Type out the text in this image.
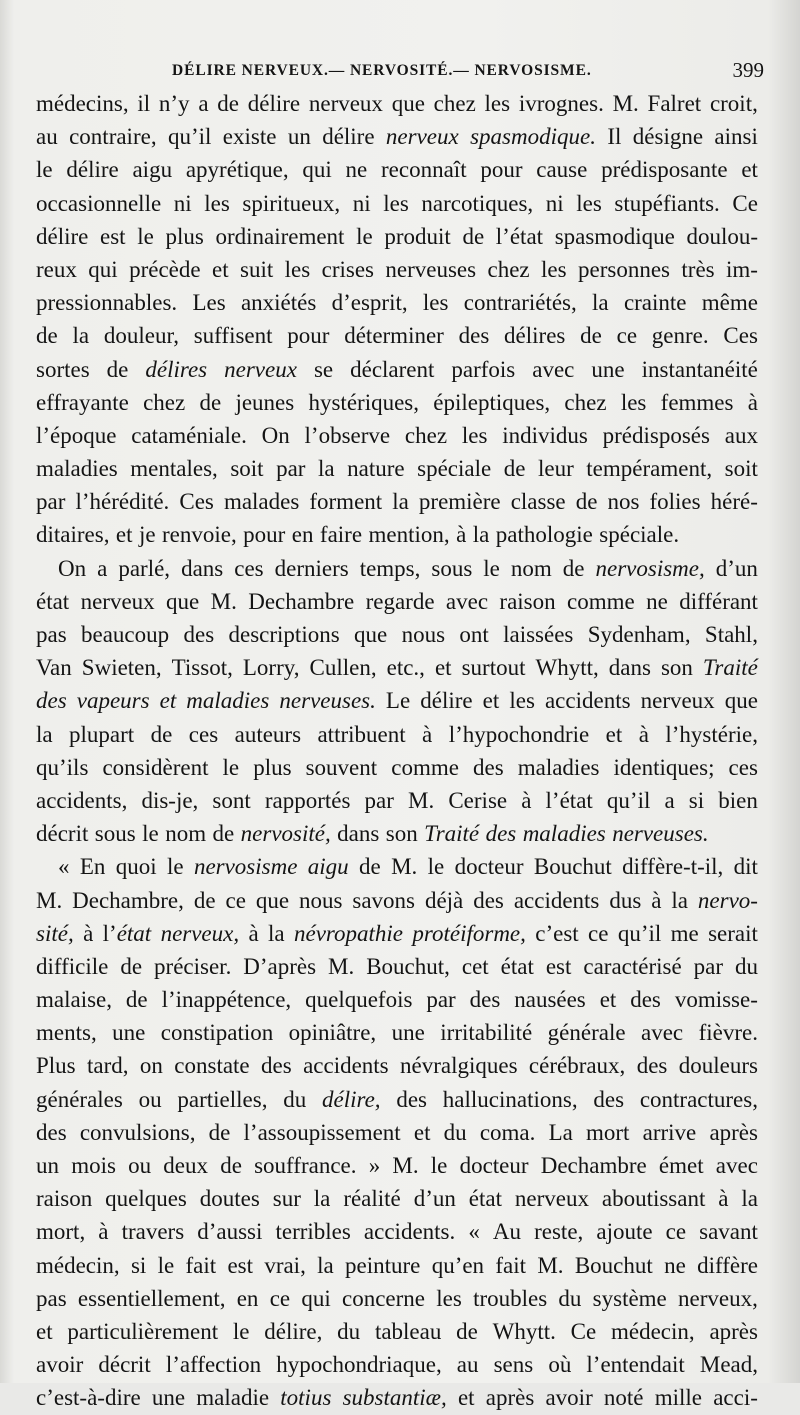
DÉLIRE NERVEUX.— NERVOSITÉ.— NERVOSISME.	399
médecins, il n’y a de délire nerveux que chez les ivrognes. M. Falret croit,
au contraire, qu’il existe un délire nerveux spasmodique. Il désigne ainsi
le délire aigu apyrétique, qui ne reconnaît pour cause prédisposante et
occasionnelle ni les spiritueux, ni les narcotiques, ni les stupéfiants. Ce
délire est le plus ordinairement le produit de l’état spasmodique doulou-
reux qui précède et suit les crises nerveuses chez les personnes très im-
pressionnables. Les anxiétés d’esprit, les contrariétés, la crainte même
de la douleur, suffisent pour déterminer des délires de ce genre. Ces
sortes de délires nerveux se déclarent parfois avec une instantanéité
effrayante chez de jeunes hystériques, épileptiques, chez les femmes à
l’époque cataméniale. On l’observe chez les individus prédisposés aux
maladies mentales, soit par la nature spéciale de leur tempérament, soit
par l’hérédité. Ces malades forment la première classe de nos folies héré-
ditaires, et je renvoie, pour en faire mention, à la pathologie spéciale.
On a parlé, dans ces derniers temps, sous le nom de nervosisme, d’un
état nerveux que M. Dechambre regarde avec raison comme ne différant
pas beaucoup des descriptions que nous ont laissées Sydenham, Stahl,
Van Swieten, Tissot, Lorry, Cullen, etc., et surtout Whytt, dans son Traité
des vapeurs et maladies nerveuses. Le délire et les accidents nerveux que
la plupart de ces auteurs attribuent à l’hypochondrie et à l’hystérie,
qu’ils considèrent le plus souvent comme des maladies identiques; ces
accidents, dis-je, sont rapportés par M. Cerise à l’état qu’il a si bien
décrit sous le nom de nervosité, dans son Traité des maladies nerveuses.
« En quoi le nervosisme aigu de M. le docteur Bouchut diffère-t-il, dit
M. Dechambre, de ce que nous savons déjà des accidents dus à la nervo-
sité, à l’état nerveux, à la névropathie protéiforme, c’est ce qu’il me serait
difficile de préciser. D’après M. Bouchut, cet état est caractérisé par du
malaise, de l’inappétence, quelquefois par des nausées et des vomisse-
ments, une constipation opiniâtre, une irritabilité générale avec fièvre.
Plus tard, on constate des accidents névralgiques cérébraux, des douleurs
générales ou partielles, du délire, des hallucinations, des contractures,
des convulsions, de l’assoupissement et du coma. La mort arrive après
un mois ou deux de souffrance. » M. le docteur Dechambre émet avec
raison quelques doutes sur la réalité d’un état nerveux aboutissant à la
mort, à travers d’aussi terribles accidents. « Au reste, ajoute ce savant
médecin, si le fait est vrai, la peinture qu’en fait M. Bouchut ne diffère
pas essentiellement, en ce qui concerne les troubles du système nerveux,
et particulièrement le délire, du tableau de Whytt. Ce médecin, après
avoir décrit l’affection hypochondriaque, au sens où l’entendait Mead,
c’est-à-dire une maladie totius substantiæ, et après avoir noté mille acci-
